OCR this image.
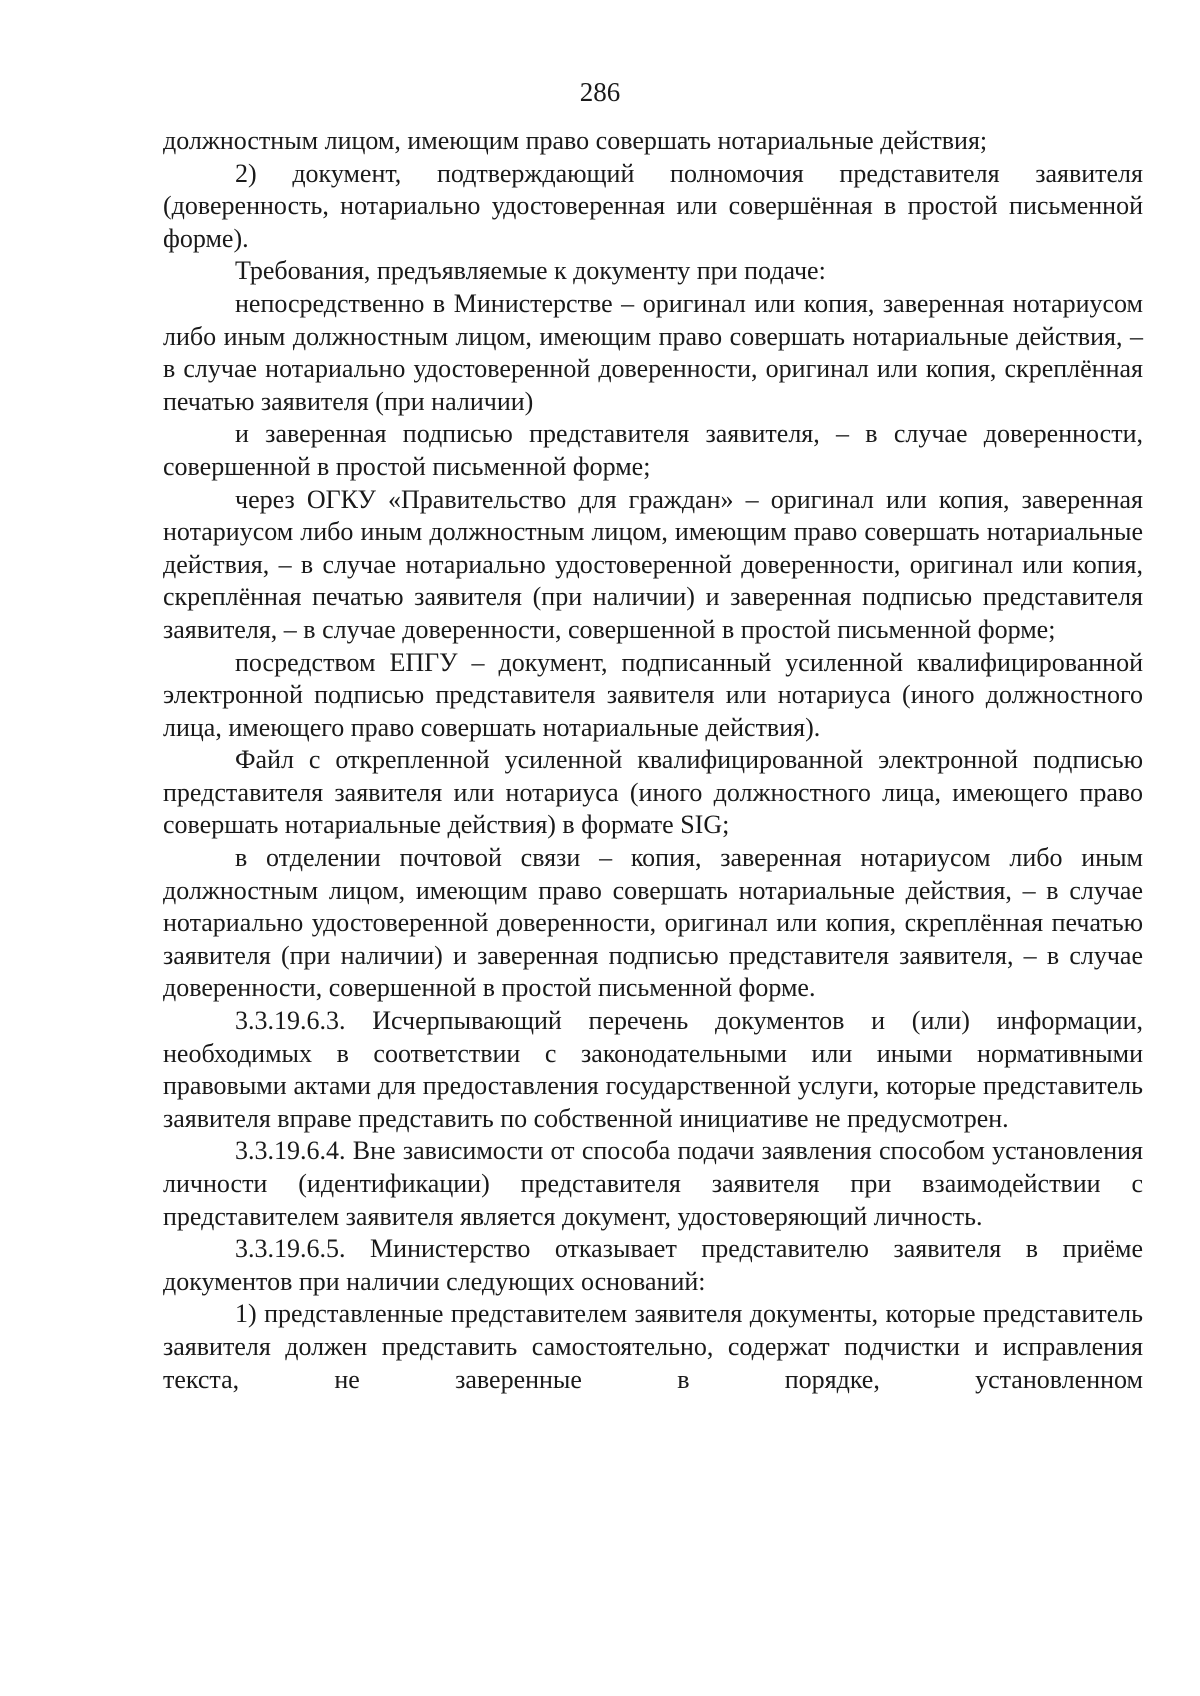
286

должностным лицом, имеющим право совершать нотариальные действия;

2) документ, подтверждающий полномочия представителя заявителя (доверенность, нотариально удостоверенная или совершённая в простой письменной форме).

Требования, предъявляемые к документу при подаче:

непосредственно в Министерстве – оригинал или копия, заверенная нотариусом либо иным должностным лицом, имеющим право совершать нотариальные действия, – в случае нотариально удостоверенной доверенности, оригинал или копия, скреплённая печатью заявителя (при наличии)

и заверенная подписью представителя заявителя, – в случае доверенности, совершенной в простой письменной форме;

через ОГКУ «Правительство для граждан» – оригинал или копия, заверенная нотариусом либо иным должностным лицом, имеющим право совершать нотариальные действия, – в случае нотариально удостоверенной доверенности, оригинал или копия, скреплённая печатью заявителя (при наличии) и заверенная подписью представителя заявителя, – в случае доверенности, совершенной в простой письменной форме;

посредством ЕПГУ – документ, подписанный усиленной квалифицированной электронной подписью представителя заявителя или нотариуса (иного должностного лица, имеющего право совершать нотариальные действия).

Файл с открепленной усиленной квалифицированной электронной подписью представителя заявителя или нотариуса (иного должностного лица, имеющего право совершать нотариальные действия) в формате SIG;

в отделении почтовой связи – копия, заверенная нотариусом либо иным должностным лицом, имеющим право совершать нотариальные действия, – в случае нотариально удостоверенной доверенности, оригинал или копия, скреплённая печатью заявителя (при наличии) и заверенная подписью представителя заявителя, – в случае доверенности, совершенной в простой письменной форме.

3.3.19.6.3. Исчерпывающий перечень документов и (или) информации, необходимых в соответствии с законодательными или иными нормативными правовыми актами для предоставления государственной услуги, которые представитель заявителя вправе представить по собственной инициативе не предусмотрен.

3.3.19.6.4. Вне зависимости от способа подачи заявления способом установления личности (идентификации) представителя заявителя при взаимодействии с представителем заявителя является документ, удостоверяющий личность.

3.3.19.6.5. Министерство отказывает представителю заявителя в приёме документов при наличии следующих оснований:

1) представленные представителем заявителя документы, которые представитель заявителя должен представить самостоятельно, содержат подчистки и исправления текста, не заверенные в порядке, установленном
